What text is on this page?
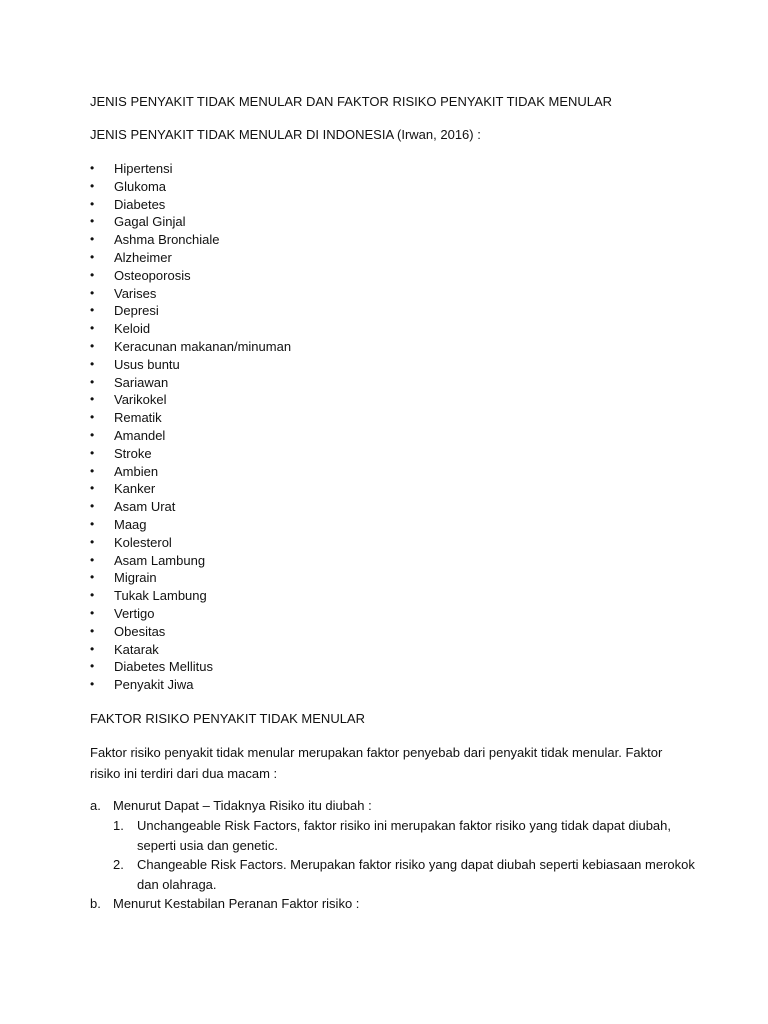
JENIS PENYAKIT TIDAK MENULAR DAN FAKTOR RISIKO PENYAKIT TIDAK MENULAR
JENIS PENYAKIT TIDAK MENULAR DI INDONESIA (Irwan, 2016) :
• Hipertensi
• Glukoma
• Diabetes
• Gagal Ginjal
• Ashma Bronchiale
• Alzheimer
• Osteoporosis
• Varises
• Depresi
• Keloid
• Keracunan makanan/minuman
• Usus buntu
• Sariawan
• Varikokel
• Rematik
• Amandel
• Stroke
• Ambien
• Kanker
• Asam Urat
• Maag
• Kolesterol
• Asam Lambung
• Migrain
• Tukak Lambung
• Vertigo
• Obesitas
• Katarak
• Diabetes Mellitus
• Penyakit Jiwa
FAKTOR RISIKO PENYAKIT TIDAK MENULAR
Faktor risiko penyakit tidak menular merupakan faktor penyebab dari penyakit tidak menular. Faktor risiko ini terdiri dari dua macam :
a. Menurut Dapat – Tidaknya Risiko itu diubah :
1. Unchangeable Risk Factors, faktor risiko ini merupakan faktor risiko yang tidak dapat diubah, seperti usia dan genetic.
2. Changeable Risk Factors. Merupakan faktor risiko yang dapat diubah seperti kebiasaan merokok dan olahraga.
b. Menurut Kestabilan Peranan Faktor risiko :
